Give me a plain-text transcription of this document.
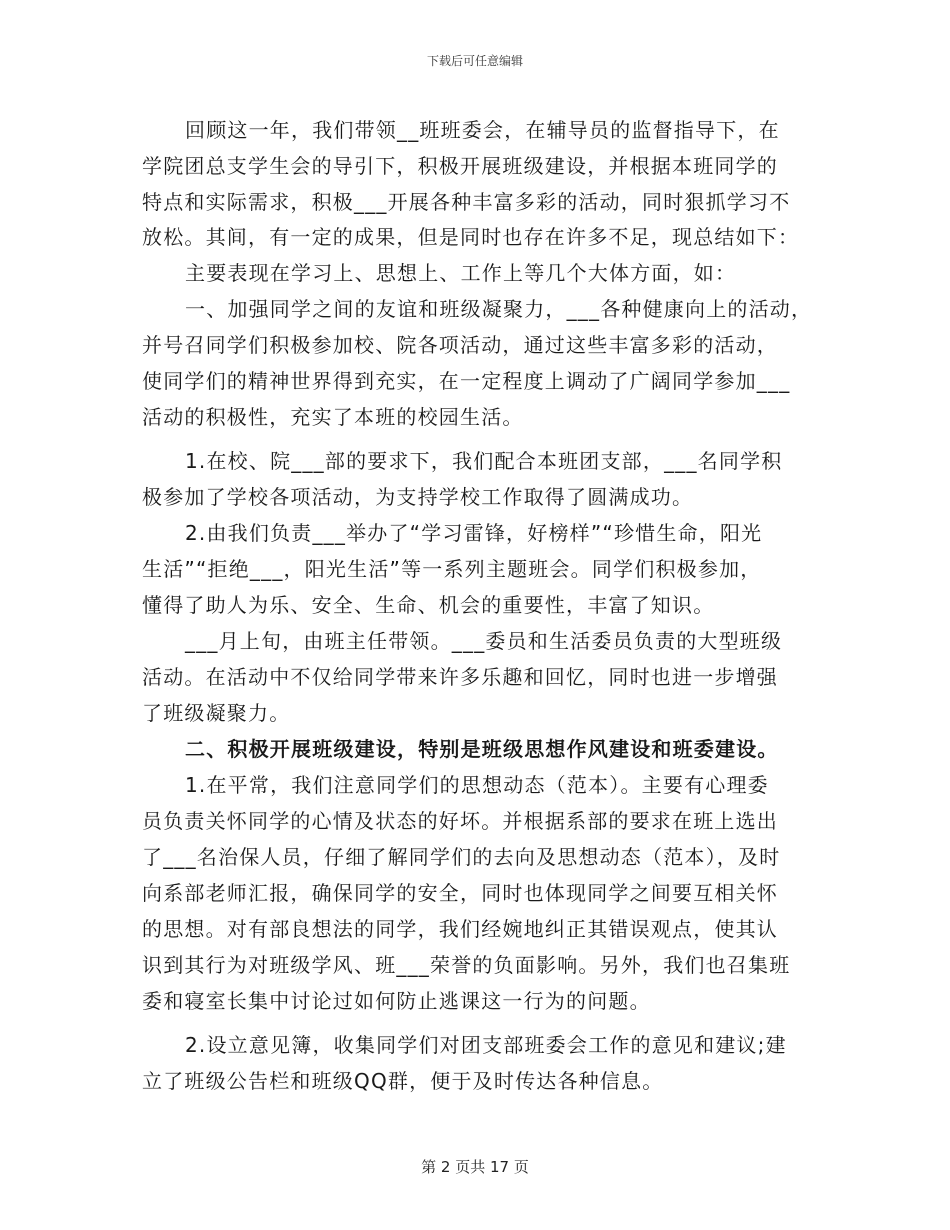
下载后可任意编辑
回顾这一年，我们带领__班班委会，在辅导员的监督指导下，在
学院团总支学生会的导引下，积极开展班级建设，并根据本班同学的
特点和实际需求，积极___开展各种丰富多彩的活动，同时狠抓学习不
放松。其间，有一定的成果，但是同时也存在许多不足，现总结如下：
主要表现在学习上、思想上、工作上等几个大体方面，如：
一、加强同学之间的友谊和班级凝聚力，___各种健康向上的活动，
并号召同学们积极参加校、院各项活动，通过这些丰富多彩的活动，
使同学们的精神世界得到充实，在一定程度上调动了广阔同学参加___
活动的积极性，充实了本班的校园生活。
1.在校、院___部的要求下，我们配合本班团支部，___名同学积
极参加了学校各项活动，为支持学校工作取得了圆满成功。
2.由我们负责___举办了“学习雷锋，好榜样”“珍惜生命，阳光
生活”“拒绝___，阳光生活”等一系列主题班会。同学们积极参加，
懂得了助人为乐、安全、生命、机会的重要性，丰富了知识。
___月上旬，由班主任带领。___委员和生活委员负责的大型班级
活动。在活动中不仅给同学带来许多乐趣和回忆，同时也进一步增强
了班级凝聚力。
二、积极开展班级建设，特别是班级思想作风建设和班委建设。
1.在平常，我们注意同学们的思想动态（范本）。主要有心理委
员负责关怀同学的心情及状态的好坏。并根据系部的要求在班上选出
了___名治保人员，仔细了解同学们的去向及思想动态（范本），及时
向系部老师汇报，确保同学的安全，同时也体现同学之间要互相关怀
的思想。对有部良想法的同学，我们经婉地纠正其错误观点，使其认
识到其行为对班级学风、班___荣誉的负面影响。另外，我们也召集班
委和寝室长集中讨论过如何防止逃课这一行为的问题。
2.设立意见簿，收集同学们对团支部班委会工作的意见和建议;建
立了班级公告栏和班级QQ群，便于及时传达各种信息。
第 2 页共 17 页
